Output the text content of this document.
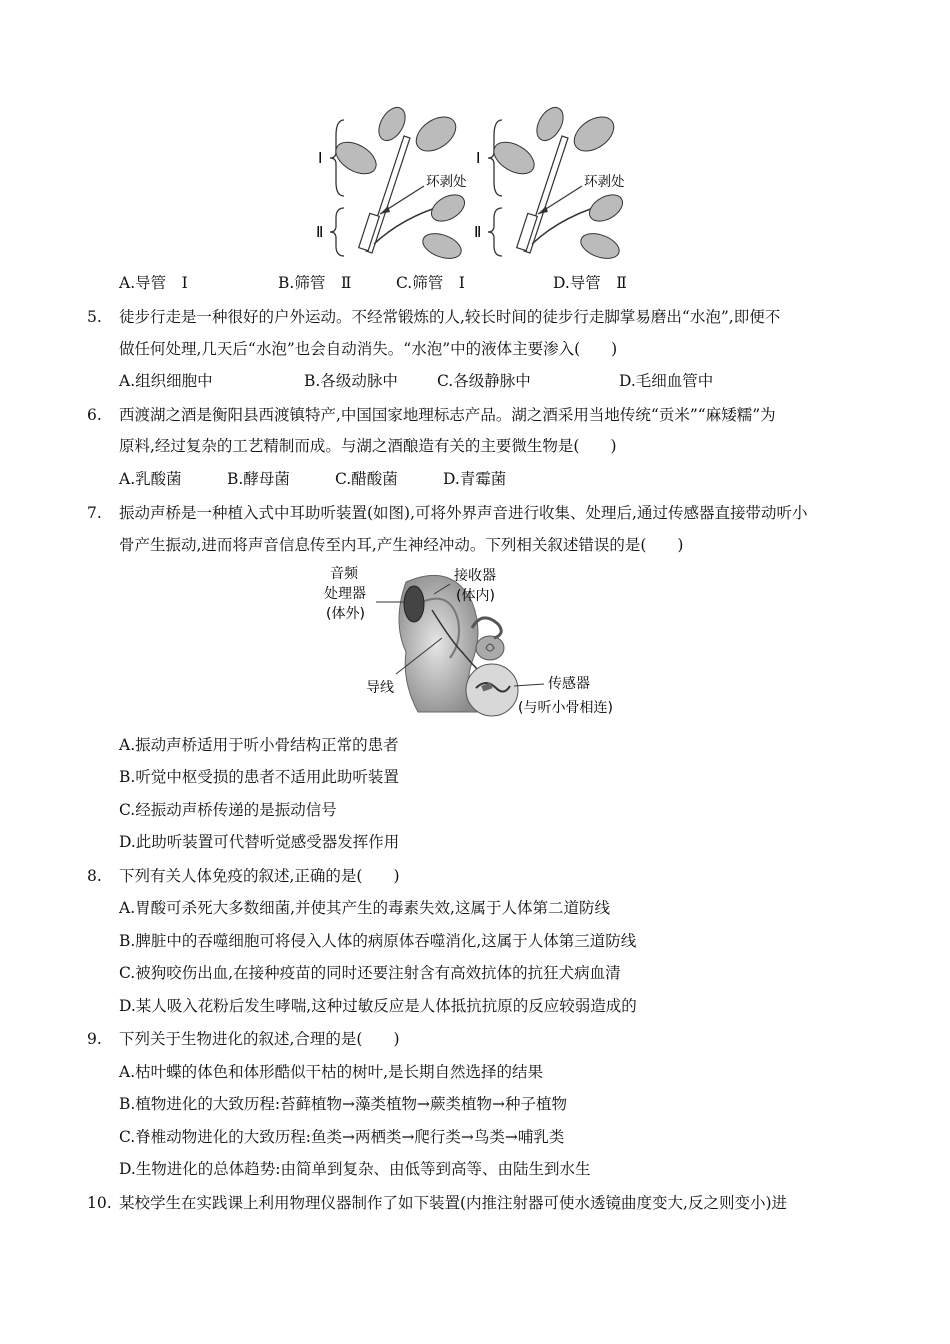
Ⅰ
Ⅱ
环剥处
Ⅰ
Ⅱ
环剥处
A.导管　Ⅰ	B.筛管　Ⅱ	C.筛管　Ⅰ	D.导管　Ⅱ
5. 徒步行走是一种很好的户外运动。不经常锻炼的人,较长时间的徒步行走脚掌易磨出“水泡”,即便不
做任何处理,几天后“水泡”也会自动消失。“水泡”中的液体主要渗入(　　)
A.组织细胞中	B.各级动脉中	C.各级静脉中	D.毛细血管中
6. 西渡湖之酒是衡阳县西渡镇特产,中国国家地理标志产品。湖之酒采用当地传统“贡米”“麻矮糯”为
原料,经过复杂的工艺精制而成。与湖之酒酿造有关的主要微生物是(　　)
A.乳酸菌	B.酵母菌	C.醋酸菌	D.青霉菌
7. 振动声桥是一种植入式中耳助听装置(如图),可将外界声音进行收集、处理后,通过传感器直接带动听小
骨产生振动,进而将声音信息传至内耳,产生神经冲动。下列相关叙述错误的是(　　)
音频
处理器
(体外)
接收器
(体内)
导线	传感器
(与听小骨相连)
A.振动声桥适用于听小骨结构正常的患者
B.听觉中枢受损的患者不适用此助听装置
C.经振动声桥传递的是振动信号
D.此助听装置可代替听觉感受器发挥作用
8. 下列有关人体免疫的叙述,正确的是(　　)
A.胃酸可杀死大多数细菌,并使其产生的毒素失效,这属于人体第二道防线
B.脾脏中的吞噬细胞可将侵入人体的病原体吞噬消化,这属于人体第三道防线
C.被狗咬伤出血,在接种疫苗的同时还要注射含有高效抗体的抗狂犬病血清
D.某人吸入花粉后发生哮喘,这种过敏反应是人体抵抗抗原的反应较弱造成的
9. 下列关于生物进化的叙述,合理的是(　　)
A.枯叶蝶的体色和体形酷似干枯的树叶,是长期自然选择的结果
B.植物进化的大致历程:苔藓植物→藻类植物→蕨类植物→种子植物
C.脊椎动物进化的大致历程:鱼类→两栖类→爬行类→鸟类→哺乳类
D.生物进化的总体趋势:由简单到复杂、由低等到高等、由陆生到水生
10. 某校学生在实践课上利用物理仪器制作了如下装置(内推注射器可使水透镜曲度变大,反之则变小)进
